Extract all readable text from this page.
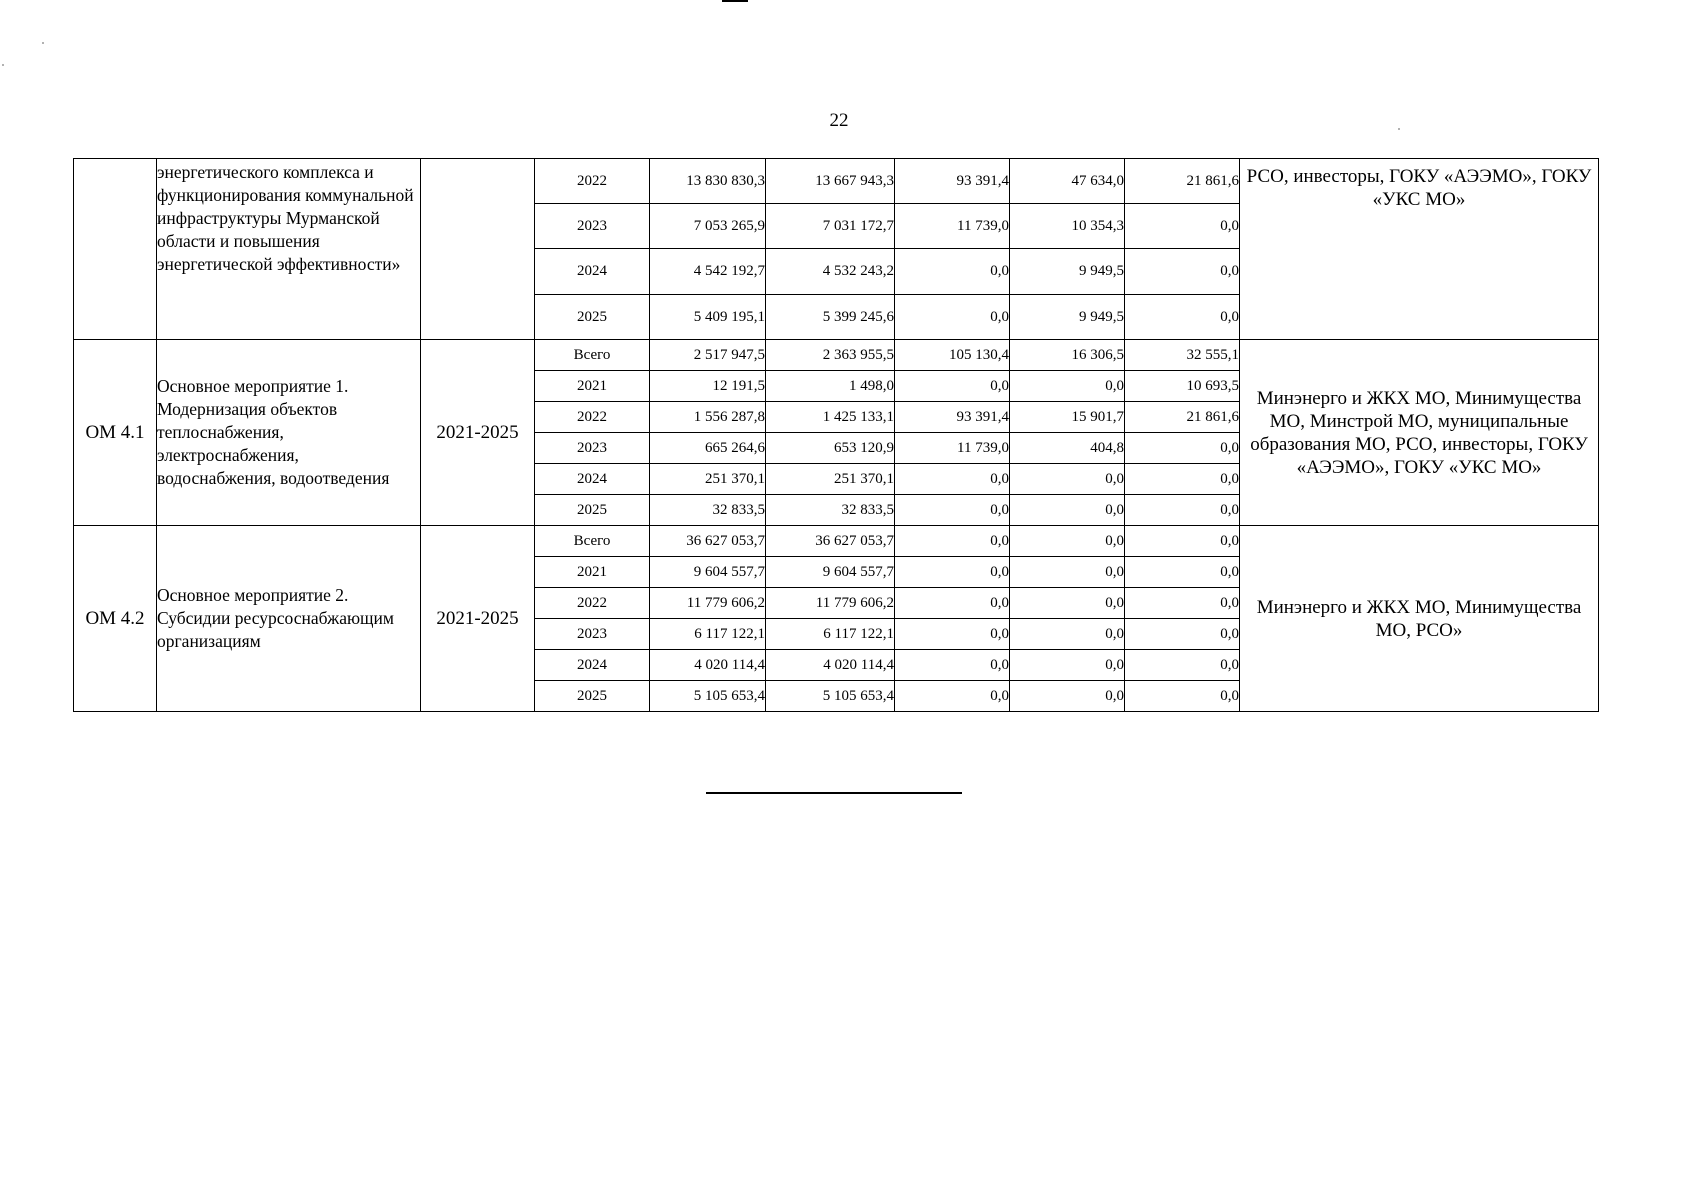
22
	энергетического комплекса и функционирования коммунальной инфраструктуры Мурманской области и повышения энергетической эффективности»		2022	13 830 830,3	13 667 943,3	93 391,4	47 634,0	21 861,6	РСО, инвесторы, ГОКУ «АЭЭМО», ГОКУ «УКС МО»
			2023	7 053 265,9	7 031 172,7	11 739,0	10 354,3	0,0	
			2024	4 542 192,7	4 532 243,2	0,0	9 949,5	0,0	
			2025	5 409 195,1	5 399 245,6	0,0	9 949,5	0,0	
ОМ 4.1	Основное мероприятие 1. Модернизация объектов теплоснабжения, электроснабжения, водоснабжения, водоотведения	2021-2025	Всего	2 517 947,5	2 363 955,5	105 130,4	16 306,5	32 555,1	Минэнерго и ЖКХ МО, Минимущества МО, Минстрой МО, муниципальные образования МО, РСО, инвесторы, ГОКУ «АЭЭМО», ГОКУ «УКС МО»
			2021	12 191,5	1 498,0	0,0	0,0	10 693,5	
			2022	1 556 287,8	1 425 133,1	93 391,4	15 901,7	21 861,6	
			2023	665 264,6	653 120,9	11 739,0	404,8	0,0	
			2024	251 370,1	251 370,1	0,0	0,0	0,0	
			2025	32 833,5	32 833,5	0,0	0,0	0,0	
ОМ 4.2	Основное мероприятие 2. Субсидии ресурсоснабжающим организациям	2021-2025	Всего	36 627 053,7	36 627 053,7	0,0	0,0	0,0	Минэнерго и ЖКХ МО, Минимущества МО, РСО»
			2021	9 604 557,7	9 604 557,7	0,0	0,0	0,0	
			2022	11 779 606,2	11 779 606,2	0,0	0,0	0,0	
			2023	6 117 122,1	6 117 122,1	0,0	0,0	0,0	
			2024	4 020 114,4	4 020 114,4	0,0	0,0	0,0	
			2025	5 105 653,4	5 105 653,4	0,0	0,0	0,0	
